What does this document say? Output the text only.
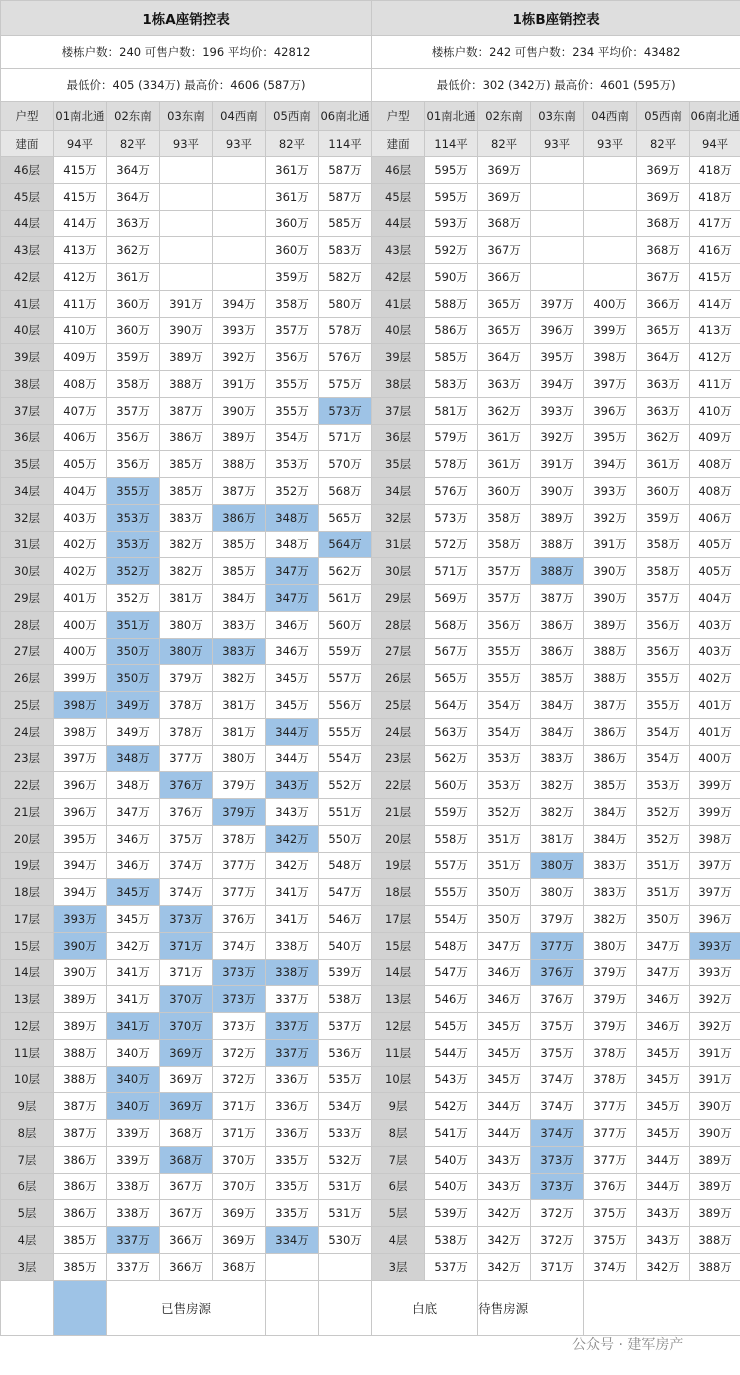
1栋A座销控表							1栋B座销控表						
楼栋户数：240 可售户数：196 平均价：42812							楼栋户数：242 可售户数：234 平均价：43482						
最低价：405 (334万) 最高价：4606 (587万)							最低价：302 (342万) 最高价：4601 (595万)						
户型	01南北通	02东南	03东南	04西南	05西南	06南北通	户型	01南北通	02东南	03东南	04西南	05西南	06南北通
建面	94平	82平	93平	93平	82平	114平	建面	114平	82平	93平	93平	82平	94平
46层	415万	364万			361万	587万	46层	595万	369万			369万	418万
45层	415万	364万			361万	587万	45层	595万	369万			369万	418万
44层	414万	363万			360万	585万	44层	593万	368万			368万	417万
43层	413万	362万			360万	583万	43层	592万	367万			368万	416万
42层	412万	361万			359万	582万	42层	590万	366万			367万	415万
41层	411万	360万	391万	394万	358万	580万	41层	588万	365万	397万	400万	366万	414万
40层	410万	360万	390万	393万	357万	578万	40层	586万	365万	396万	399万	365万	413万
39层	409万	359万	389万	392万	356万	576万	39层	585万	364万	395万	398万	364万	412万
38层	408万	358万	388万	391万	355万	575万	38层	583万	363万	394万	397万	363万	411万
37层	407万	357万	387万	390万	355万	573万	37层	581万	362万	393万	396万	363万	410万
36层	406万	356万	386万	389万	354万	571万	36层	579万	361万	392万	395万	362万	409万
35层	405万	356万	385万	388万	353万	570万	35层	578万	361万	391万	394万	361万	408万
34层	404万	355万	385万	387万	352万	568万	34层	576万	360万	390万	393万	360万	408万
32层	403万	353万	383万	386万	348万	565万	32层	573万	358万	389万	392万	359万	406万
31层	402万	353万	382万	385万	348万	564万	31层	572万	358万	388万	391万	358万	405万
30层	402万	352万	382万	385万	347万	562万	30层	571万	357万	388万	390万	358万	405万
29层	401万	352万	381万	384万	347万	561万	29层	569万	357万	387万	390万	357万	404万
28层	400万	351万	380万	383万	346万	560万	28层	568万	356万	386万	389万	356万	403万
27层	400万	350万	380万	383万	346万	559万	27层	567万	355万	386万	388万	356万	403万
26层	399万	350万	379万	382万	345万	557万	26层	565万	355万	385万	388万	355万	402万
25层	398万	349万	378万	381万	345万	556万	25层	564万	354万	384万	387万	355万	401万
24层	398万	349万	378万	381万	344万	555万	24层	563万	354万	384万	386万	354万	401万
23层	397万	348万	377万	380万	344万	554万	23层	562万	353万	383万	386万	354万	400万
22层	396万	348万	376万	379万	343万	552万	22层	560万	353万	382万	385万	353万	399万
21层	396万	347万	376万	379万	343万	551万	21层	559万	352万	382万	384万	352万	399万
20层	395万	346万	375万	378万	342万	550万	20层	558万	351万	381万	384万	352万	398万
19层	394万	346万	374万	377万	342万	548万	19层	557万	351万	380万	383万	351万	397万
18层	394万	345万	374万	377万	341万	547万	18层	555万	350万	380万	383万	351万	397万
17层	393万	345万	373万	376万	341万	546万	17层	554万	350万	379万	382万	350万	396万
15层	390万	342万	371万	374万	338万	540万	15层	548万	347万	377万	380万	347万	393万
14层	390万	341万	371万	373万	338万	539万	14层	547万	346万	376万	379万	347万	393万
13层	389万	341万	370万	373万	337万	538万	13层	546万	346万	376万	379万	346万	392万
12层	389万	341万	370万	373万	337万	537万	12层	545万	345万	375万	379万	346万	392万
11层	388万	340万	369万	372万	337万	536万	11层	544万	345万	375万	378万	345万	391万
10层	388万	340万	369万	372万	336万	535万	10层	543万	345万	374万	378万	345万	391万
9层	387万	340万	369万	371万	336万	534万	9层	542万	344万	374万	377万	345万	390万
8层	387万	339万	368万	371万	336万	533万	8层	541万	344万	374万	377万	345万	390万
7层	386万	339万	368万	370万	335万	532万	7层	540万	343万	373万	377万	344万	389万
6层	386万	338万	367万	370万	335万	531万	6层	540万	343万	373万	376万	344万	389万
5层	386万	338万	367万	369万	335万	531万	5层	539万	342万	372万	375万	343万	389万
4层	385万	337万	366万	369万	334万	530万	4层	538万	342万	372万	375万	343万	388万
3层	385万	337万	366万	368万			3层	537万	342万	371万	374万	342万	388万
		已售房源					白底		待售房源				
公众号 · 建军房产
